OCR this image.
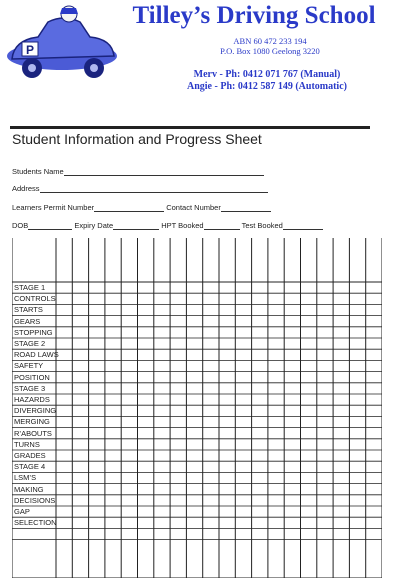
P
Tilley’s Driving School
ABN 60 472 233 194
P.O. Box 1080 Geelong 3220
Merv - Ph: 0412 071 767 (Manual)
Angie - Ph: 0412 587 149 (Automatic)
Student Information and Progress Sheet
Students Name
Address
Learners Permit Number	Contact Number
DOB	Expiry Date	HPT Booked	Test Booked
STAGE 1
CONTROLS
STARTS
GEARS
STOPPING
STAGE 2
ROAD LAWS
SAFETY
POSITION
STAGE 3
HAZARDS
DIVERGING
MERGING
R’ABOUTS
TURNS
GRADES
STAGE 4
LSM’S
MAKING
DECISIONS
GAP
SELECTION
